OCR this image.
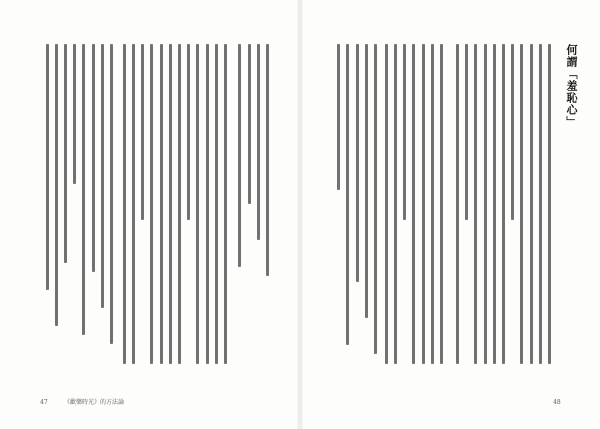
何謂「羞恥心」
47	《歡樂時光》的方法論	48
